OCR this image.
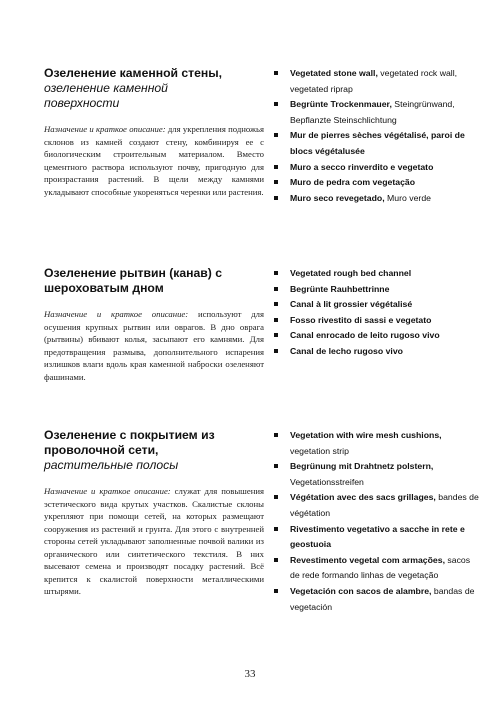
Озеленение каменной стены,

озеленение каменной поверхности

Назначение и краткое описание: для укрепления подножья склонов из камней создают стену, комбинируя ее с биологическим строительным материалом. Вместо цементного раствора используют почву, пригодную для произрастания растений. В щели между камнями укладывают способные укореняться черенки или растения.

Vegetated stone wall, vegetated rock wall, vegetated riprap
Begrünte Trockenmauer, Steingrünwand, Bepflanzte Steinschlichtung
Mur de pierres sèches végétalisé, paroi de blocs végétalusée
Muro a secco rinverdito e vegetato
Muro de pedra com vegetação
Muro seco revegetado, Muro verde

Озеленение рытвин (канав) с шероховатым дном

Назначение и краткое описание: используют для осушения крупных рытвин или оврагов. В дно оврага (рытвины) вбивают колья, засыпают его камнями. Для предотвращения размыва, дополнительного испарения излишков влаги вдоль края каменной наброски озеленяют фашинами.

Vegetated rough bed channel
Begrünte Rauhbettrinne
Canal à lit grossier végétalisé
Fosso rivestito di sassi e vegetato
Canal enrocado de leito rugoso vivo
Canal de lecho rugoso vivo

Озеленение с покрытием из проволочной сети,

растительные полосы

Назначение и краткое описание: служат для повышения эстетического вида крутых участков. Скалистые склоны укрепляют при помощи сетей, на которых размещают сооружения из растений и грунта. Для этого с внутренней стороны сетей укладывают заполненные почвой валики из органического или синтетического текстиля. В них высевают семена и производят посадку растений. Всё крепится к скалистой поверхности металлическими штырями.

Vegetation with wire mesh cushions, vegetation strip
Begrünung mit Drahtnetz polstern, Vegetationsstreifen
Végétation avec des sacs grillages, bandes de végétation
Rivestimento vegetativo a sacche in rete e geostuoia
Revestimento vegetal com armações, sacos de rede formando linhas de vegetação
Vegetación con sacos de alambre, bandas de vegetación
33
